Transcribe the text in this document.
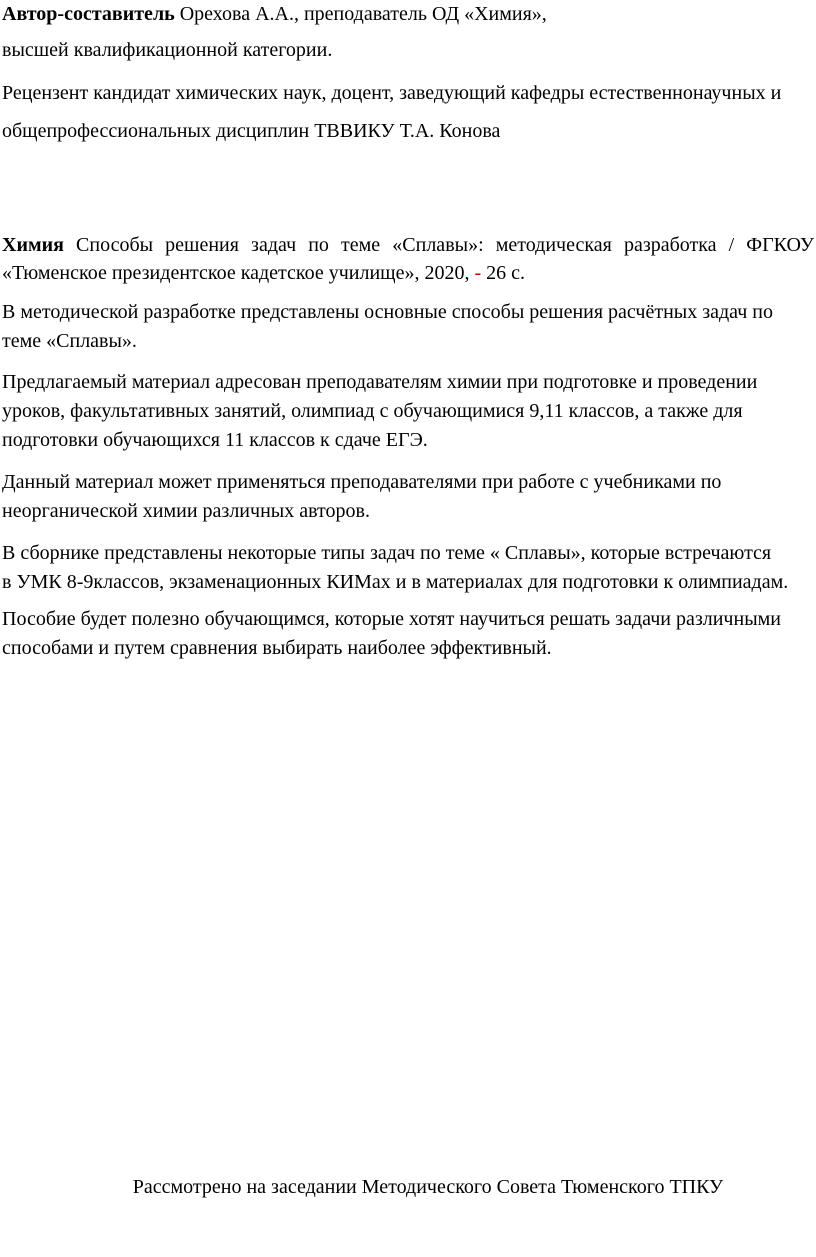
Автор-составитель Орехова А.А., преподаватель ОД «Химия»,
высшей квалификационной категории.
Рецензент кандидат химических наук, доцент, заведующий кафедры естественнонаучных и
общепрофессиональных дисциплин ТВВИКУ Т.А. Конова
Химия Способы решения задач по теме «Сплавы»: методическая разработка / ФГКОУ
«Тюменское президентское кадетское училище», 2020, - 26 с.
В методической разработке представлены основные способы решения расчётных задач по
теме «Сплавы».
Предлагаемый материал адресован преподавателям химии при подготовке и проведении
уроков, факультативных занятий, олимпиад с обучающимися 9,11 классов, а также для
подготовки обучающихся 11 классов к сдаче ЕГЭ.
Данный материал может применяться преподавателями при работе с учебниками по
неорганической химии различных авторов.
В сборнике представлены некоторые типы задач по теме « Сплавы», которые встречаются
в УМК 8-9классов, экзаменационных КИМах и в материалах для подготовки к олимпиадам.
Пособие будет полезно обучающимся, которые хотят научиться решать задачи различными
способами и путем сравнения выбирать наиболее эффективный.
Рассмотрено на заседании Методического Совета Тюменского ТПКУ
